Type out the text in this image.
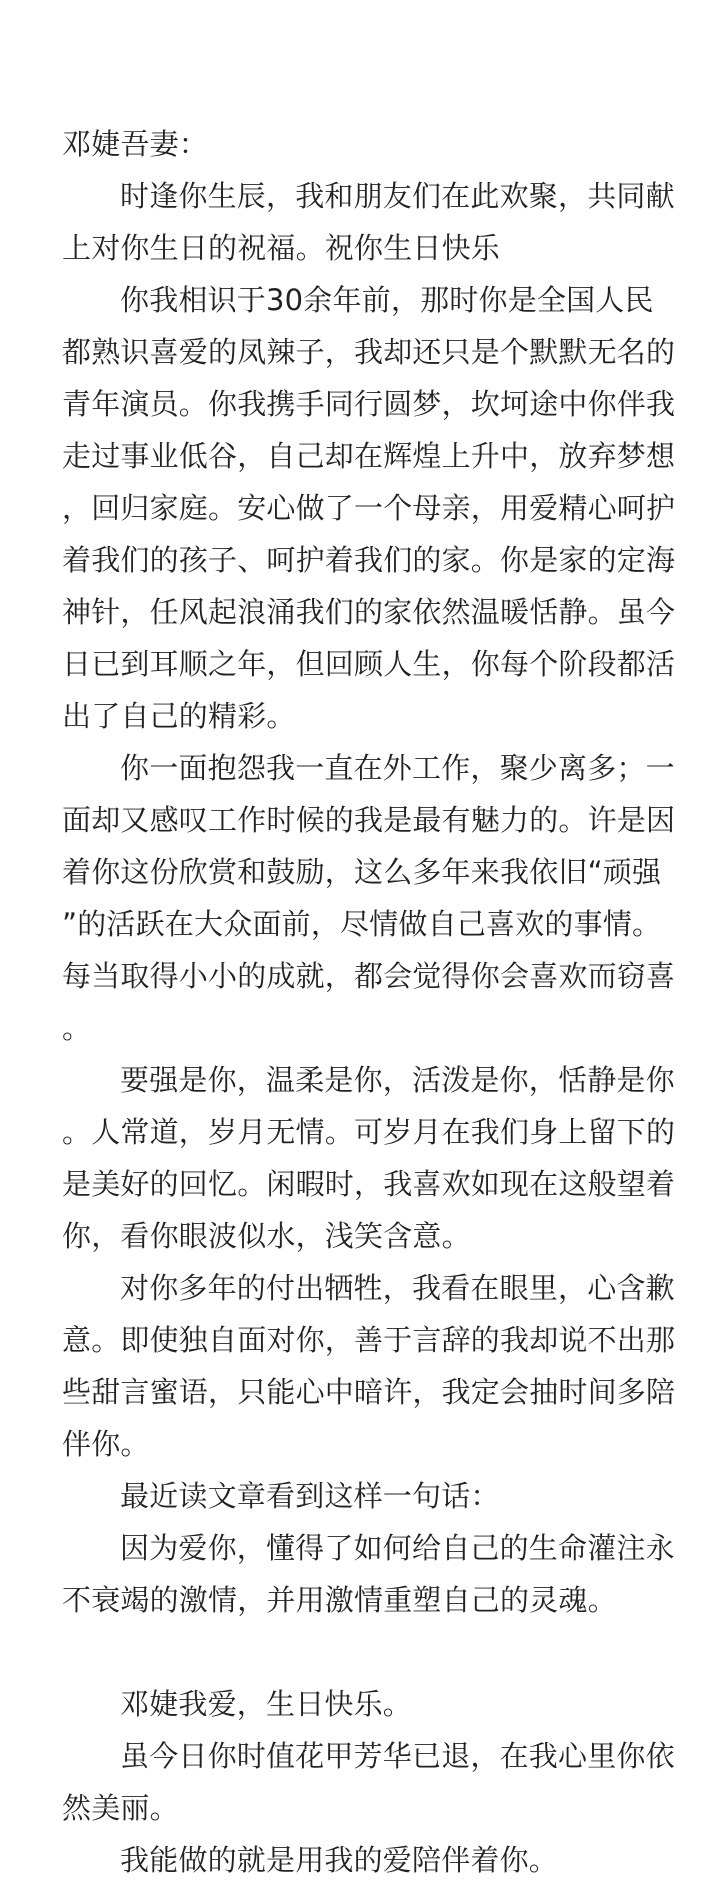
邓婕吾妻：
时逢你生辰，我和朋友们在此欢聚，共同献
上对你生日的祝福。祝你生日快乐
你我相识于30余年前，那时你是全国人民
都熟识喜爱的凤辣子，我却还只是个默默无名的
青年演员。你我携手同行圆梦，坎坷途中你伴我
走过事业低谷，自己却在辉煌上升中，放弃梦想
，回归家庭。安心做了一个母亲，用爱精心呵护
着我们的孩子、呵护着我们的家。你是家的定海
神针，任风起浪涌我们的家依然温暖恬静。虽今
日已到耳顺之年，但回顾人生，你每个阶段都活
出了自己的精彩。
你一面抱怨我一直在外工作，聚少离多；一
面却又感叹工作时候的我是最有魅力的。许是因
着你这份欣赏和鼓励，这么多年来我依旧“顽强
”的活跃在大众面前，尽情做自己喜欢的事情。
每当取得小小的成就，都会觉得你会喜欢而窃喜
。
要强是你，温柔是你，活泼是你，恬静是你
。人常道，岁月无情。可岁月在我们身上留下的
是美好的回忆。闲暇时，我喜欢如现在这般望着
你，看你眼波似水，浅笑含意。
对你多年的付出牺牲，我看在眼里，心含歉
意。即使独自面对你，善于言辞的我却说不出那
些甜言蜜语，只能心中暗许，我定会抽时间多陪
伴你。
最近读文章看到这样一句话：
因为爱你，懂得了如何给自己的生命灌注永
不衰竭的激情，并用激情重塑自己的灵魂。
邓婕我爱，生日快乐。
虽今日你时值花甲芳华已退，在我心里你依
然美丽。
我能做的就是用我的爱陪伴着你。
